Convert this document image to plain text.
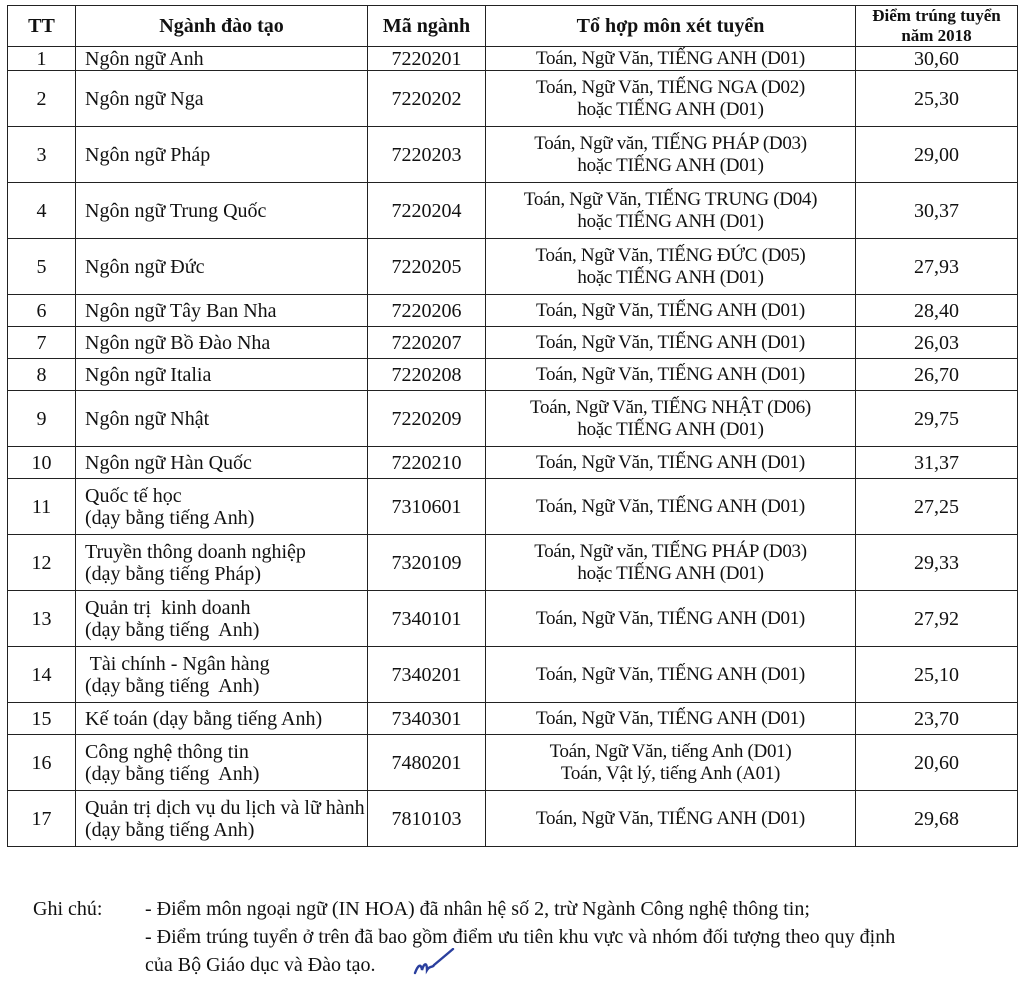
TT	Ngành đào tạo	Mã ngành	Tổ hợp môn xét tuyển	Điểm trúng tuyển
năm 2018

1	Ngôn ngữ Anh	7220201	Toán, Ngữ Văn, TIẾNG ANH (D01)	30,60
2	Ngôn ngữ Nga	7220202	Toán, Ngữ Văn, TIẾNG NGA (D02)
hoặc TIẾNG ANH (D01)	25,30
3	Ngôn ngữ Pháp	7220203	Toán, Ngữ văn, TIẾNG PHÁP (D03)
hoặc TIẾNG ANH (D01)	29,00
4	Ngôn ngữ Trung Quốc	7220204	Toán, Ngữ Văn, TIẾNG TRUNG (D04)
hoặc TIẾNG ANH (D01)	30,37
5	Ngôn ngữ Đức	7220205	Toán, Ngữ Văn, TIẾNG ĐỨC (D05)
hoặc TIẾNG ANH (D01)	27,93
6	Ngôn ngữ Tây Ban Nha	7220206	Toán, Ngữ Văn, TIẾNG ANH (D01)	28,40
7	Ngôn ngữ Bồ Đào Nha	7220207	Toán, Ngữ Văn, TIẾNG ANH (D01)	26,03
8	Ngôn ngữ Italia	7220208	Toán, Ngữ Văn, TIẾNG ANH (D01)	26,70
9	Ngôn ngữ Nhật	7220209	Toán, Ngữ Văn, TIẾNG NHẬT (D06)
hoặc TIẾNG ANH (D01)	29,75
10	Ngôn ngữ Hàn Quốc	7220210	Toán, Ngữ Văn, TIẾNG ANH (D01)	31,37
11	Quốc tế học
(dạy bằng tiếng Anh)	7310601	Toán, Ngữ Văn, TIẾNG ANH (D01)	27,25
12	Truyền thông doanh nghiệp
(dạy bằng tiếng Pháp)	7320109	Toán, Ngữ văn, TIẾNG PHÁP (D03)
hoặc TIẾNG ANH (D01)	29,33
13	Quản trị  kinh doanh
(dạy bằng tiếng  Anh)	7340101	Toán, Ngữ Văn, TIẾNG ANH (D01)	27,92
14	Tài chính - Ngân hàng
(dạy bằng tiếng  Anh)	7340201	Toán, Ngữ Văn, TIẾNG ANH (D01)	25,10
15	Kế toán (dạy bằng tiếng Anh)	7340301	Toán, Ngữ Văn, TIẾNG ANH (D01)	23,70
16	Công nghệ thông tin
(dạy bằng tiếng  Anh)	7480201	Toán, Ngữ Văn, tiếng Anh (D01)
Toán, Vật lý, tiếng Anh (A01)	20,60
17	Quản trị dịch vụ du lịch và lữ hành
(dạy bằng tiếng Anh)	7810103	Toán, Ngữ Văn, TIẾNG ANH (D01)	29,68
Ghi chú:	- Điểm môn ngoại ngữ (IN HOA) đã nhân hệ số 2, trừ Ngành Công nghệ thông tin;
- Điểm trúng tuyển ở trên đã bao gồm điểm ưu tiên khu vực và nhóm đối tượng theo quy định
của Bộ Giáo dục và Đào tạo.
